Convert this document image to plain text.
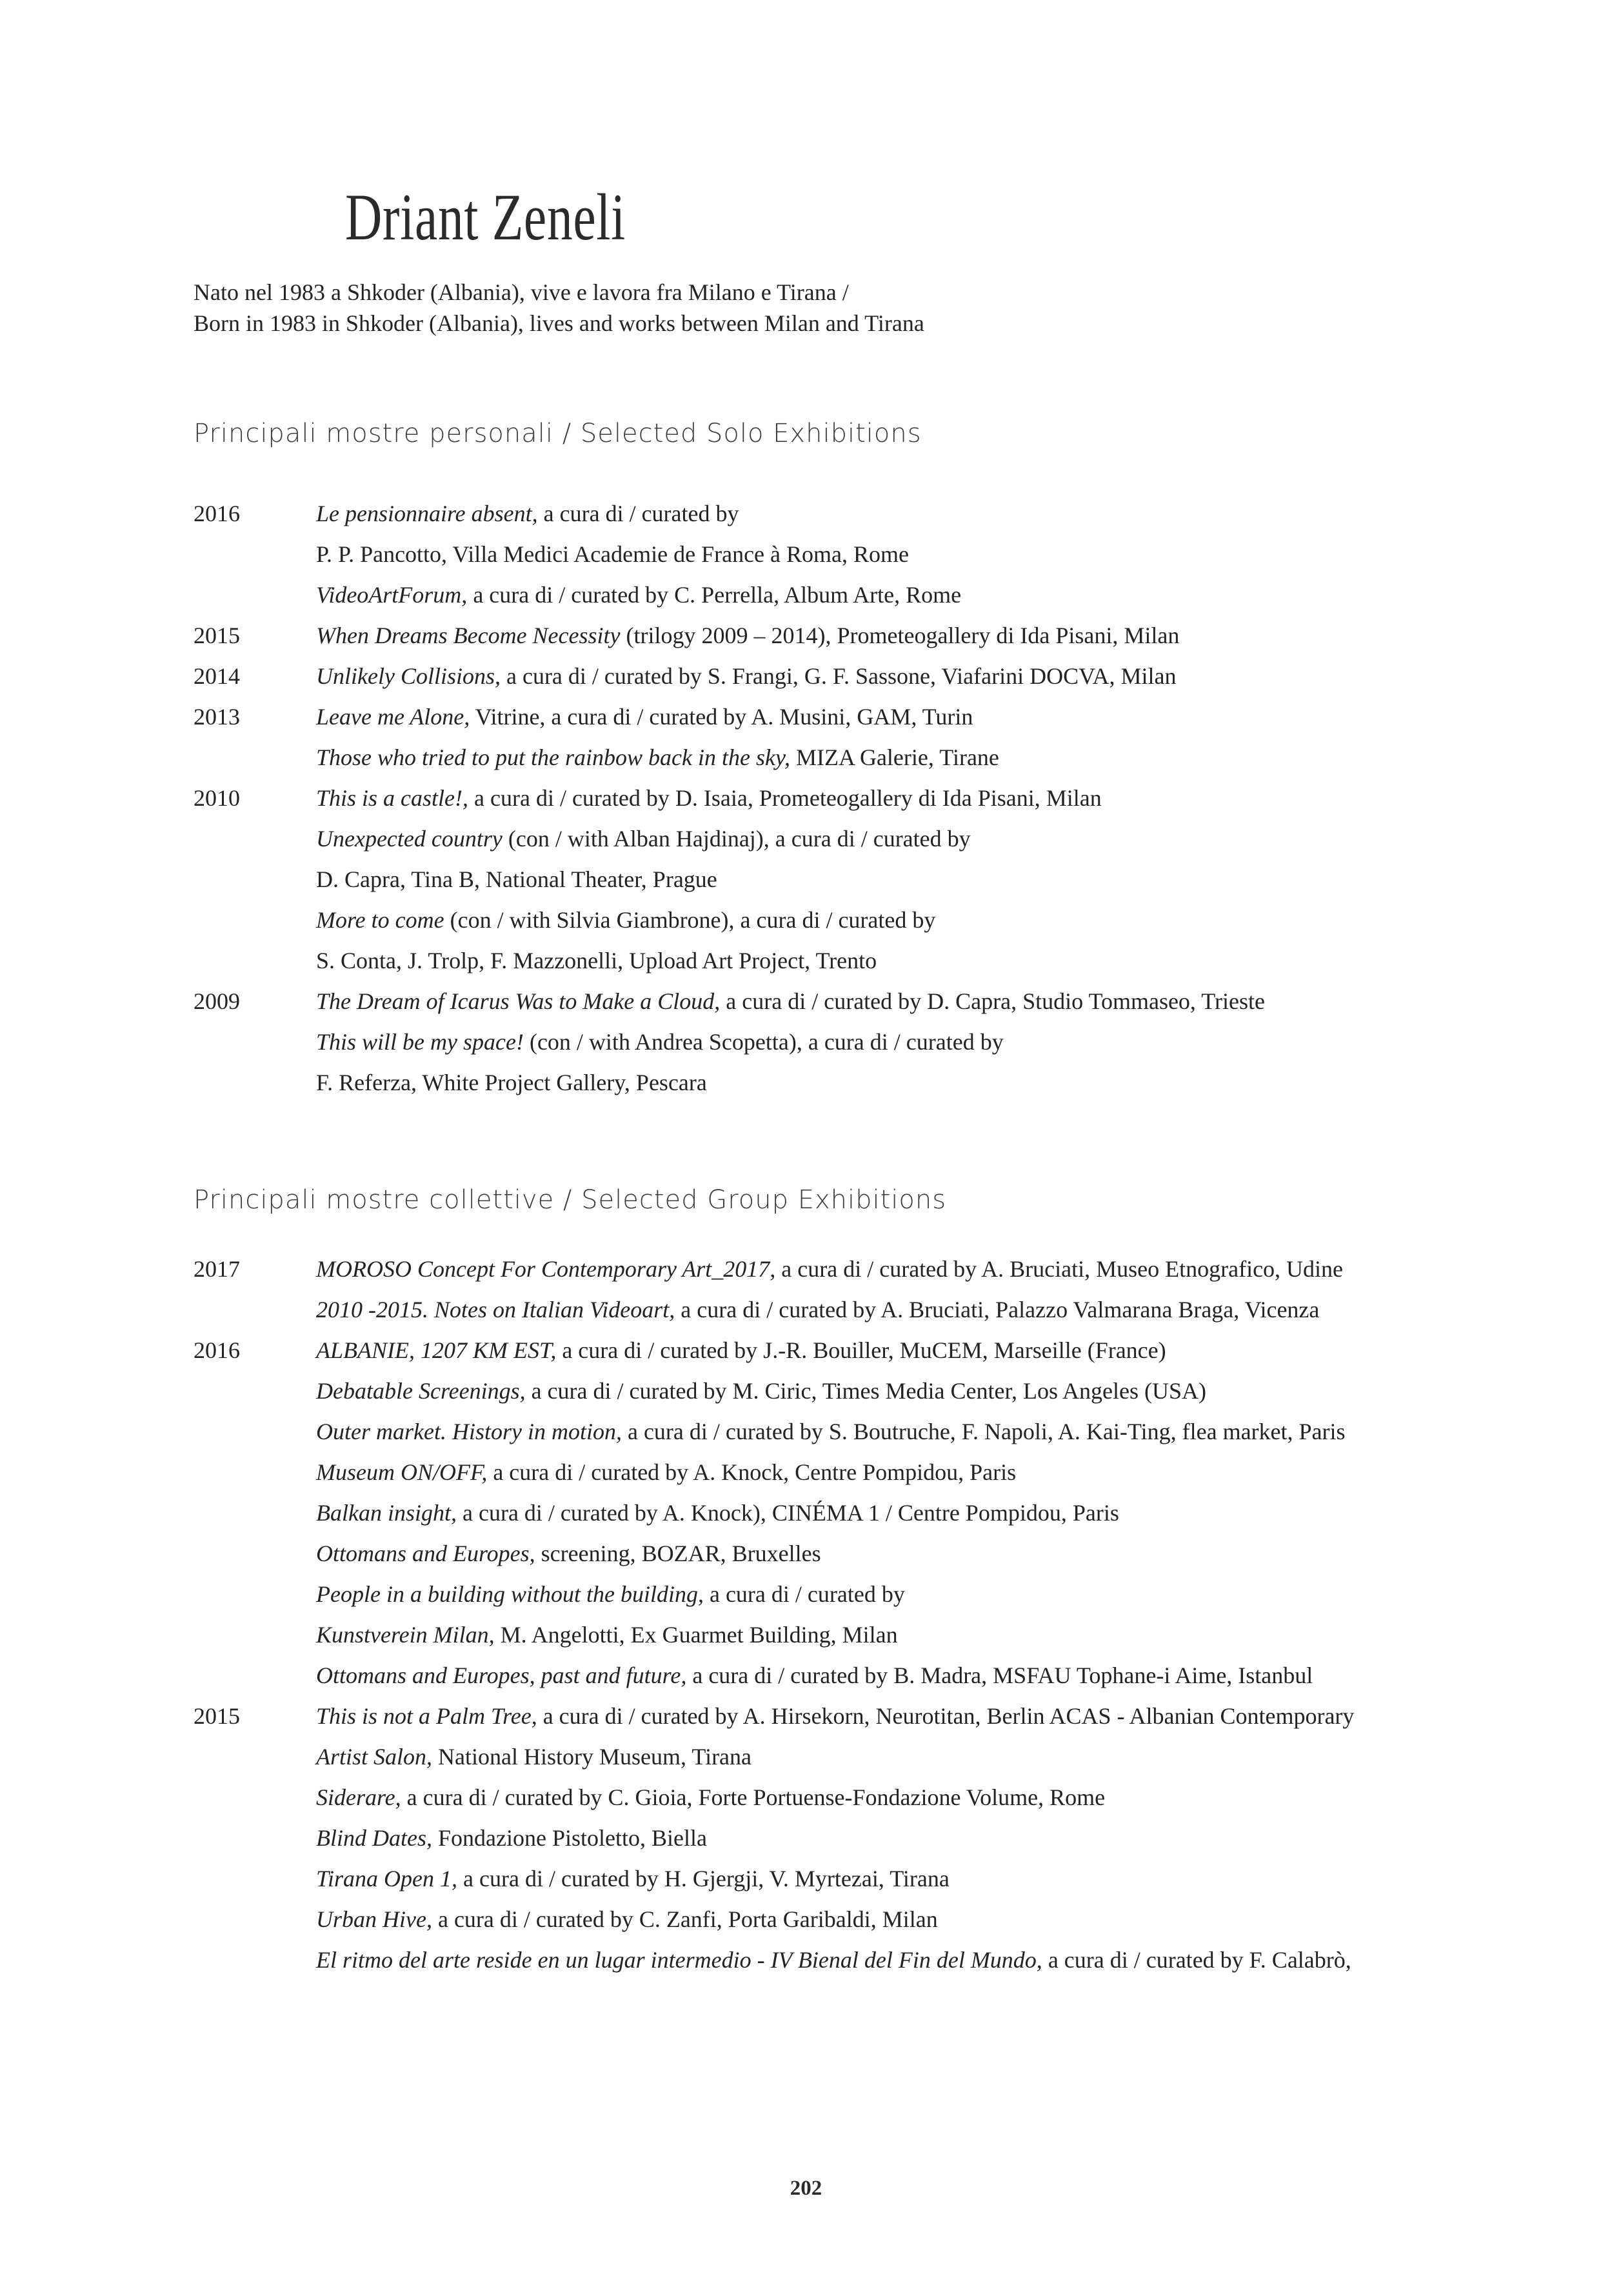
Driant Zeneli
Nato nel 1983 a Shkoder (Albania), vive e lavora fra Milano e Tirana /
Born in 1983 in Shkoder (Albania), lives and works between Milan and Tirana
Principali mostre personali / Selected Solo Exhibitions
2016	Le pensionnaire absent, a cura di / curated by
P. P. Pancotto, Villa Medici Academie de France à Roma, Rome
VideoArtForum, a cura di / curated by C. Perrella, Album Arte, Rome
2015	When Dreams Become Necessity (trilogy 2009 – 2014), Prometeogallery di Ida Pisani, Milan
2014	Unlikely Collisions, a cura di / curated by S. Frangi, G. F. Sassone, Viafarini DOCVA, Milan
2013	Leave me Alone, Vitrine, a cura di / curated by A. Musini, GAM, Turin
Those who tried to put the rainbow back in the sky, MIZA Galerie, Tirane
2010	This is a castle!, a cura di / curated by D. Isaia, Prometeogallery di Ida Pisani, Milan
Unexpected country (con / with Alban Hajdinaj), a cura di / curated by
D. Capra, Tina B, National Theater, Prague
More to come (con / with Silvia Giambrone), a cura di / curated by
S. Conta, J. Trolp, F. Mazzonelli, Upload Art Project, Trento
2009	The Dream of Icarus Was to Make a Cloud, a cura di / curated by D. Capra, Studio Tommaseo, Trieste
This will be my space! (con / with Andrea Scopetta), a cura di / curated by
F. Referza, White Project Gallery, Pescara
Principali mostre collettive / Selected Group Exhibitions
2017	MOROSO Concept For Contemporary Art_2017, a cura di / curated by A. Bruciati, Museo Etnografico, Udine
2010 -2015. Notes on Italian Videoart, a cura di / curated by A. Bruciati, Palazzo Valmarana Braga, Vicenza
2016	ALBANIE, 1207 KM EST, a cura di / curated by J.-R. Bouiller, MuCEM, Marseille (France)
Debatable Screenings, a cura di / curated by M. Ciric, Times Media Center, Los Angeles (USA)
Outer market. History in motion, a cura di / curated by S. Boutruche, F. Napoli, A. Kai-Ting, flea market, Paris
Museum ON/OFF, a cura di / curated by A. Knock, Centre Pompidou, Paris
Balkan insight, a cura di / curated by A. Knock), CINÉMA 1 / Centre Pompidou, Paris
Ottomans and Europes, screening, BOZAR, Bruxelles
People in a building without the building, a cura di / curated by
Kunstverein Milan, M. Angelotti, Ex Guarmet Building, Milan
Ottomans and Europes, past and future, a cura di / curated by B. Madra, MSFAU Tophane-i Aime, Istanbul
2015	This is not a Palm Tree, a cura di / curated by A. Hirsekorn, Neurotitan, Berlin ACAS - Albanian Contemporary
Artist Salon, National History Museum, Tirana
Siderare, a cura di / curated by C. Gioia, Forte Portuense-Fondazione Volume, Rome
Blind Dates, Fondazione Pistoletto, Biella
Tirana Open 1, a cura di / curated by H. Gjergji, V. Myrtezai, Tirana
Urban Hive, a cura di / curated by C. Zanfi, Porta Garibaldi, Milan
El ritmo del arte reside en un lugar intermedio - IV Bienal del Fin del Mundo, a cura di / curated by F. Calabrò,
202
